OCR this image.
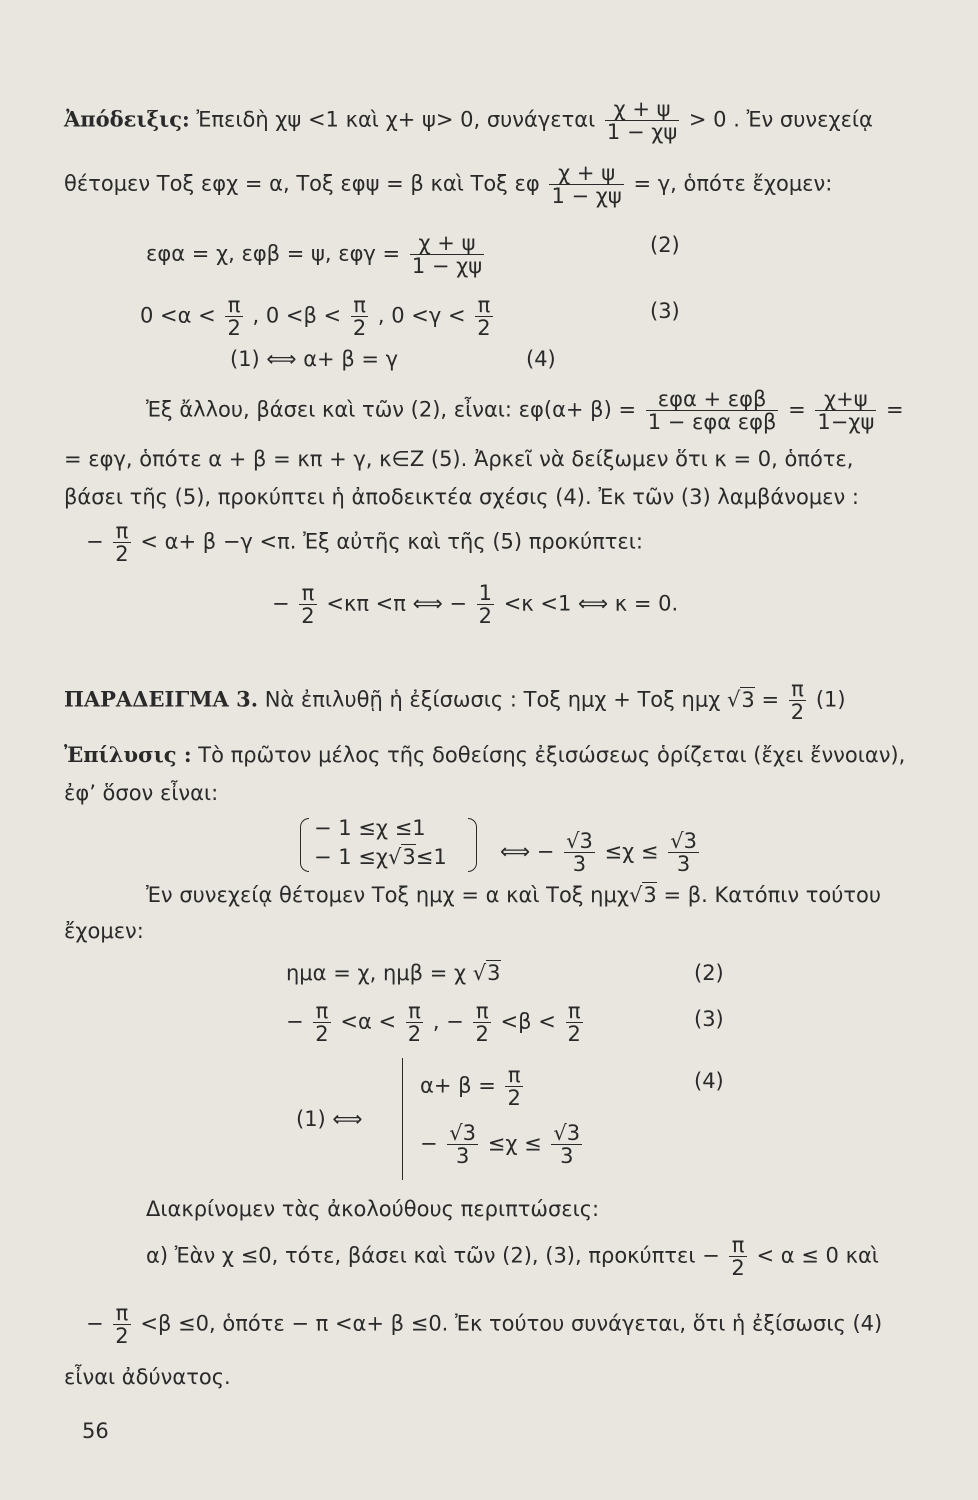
Ἀπόδειξις: Ἐπειδὴ χψ <1 καὶ χ+ ψ> 0, συνάγεται $\frac{\chi + \psi}{1 - \chi\psi} > 0$ . Ἐν συνεχείᾳ
θέτομεν Τοξ εφχ = α, Τοξ εφψ = β καὶ Τοξ εφ $\frac{\chi + \psi}{1 - \chi\psi} = \gamma$, ὁπότε ἔχομεν:
εφα = χ, εφβ = ψ, $\varepsilon\varphi\gamma = \frac{\chi + \psi}{1 - \chi\psi}$	(2)
$0 <\alpha < \frac{\pi}{2}$ , $0 <\beta < \frac{\pi}{2}$ , $0 <\gamma < \frac{\pi}{2}$	(3)
(1) ⟺ α+ β = γ	(4)
Ἐξ ἄλλου, βάσει καὶ τῶν (2), εἶναι: $\varepsilon\varphi(\alpha+ \beta) = \frac{\text{εφα + εφβ}}{\text{1 − εφα εφβ}} = \frac{\chi+\psi}{1-\chi\psi}$ =
= εφγ, ὁπότε α + β = κπ + γ, κ∈Z (5). Ἀρκεῖ νὰ δείξωμεν ὅτι κ = 0, ὁπότε,
βάσει τῆς (5), προκύπτει ἡ ἀποδεικτέα σχέσις (4). Ἐκ τῶν (3) λαμβάνομεν :
− $\frac{\pi}{2} < \alpha+ \beta -\gamma <\pi$. Ἐξ αὐτῆς καὶ τῆς (5) προκύπτει:
− $\frac{\pi}{2} <\kappa\pi <\pi$ ⟺ − $\frac{1}{2} <\kappa <1$ ⟺ κ = 0.
ΠΑΡΑΔΕΙΓΜΑ 3. Νὰ ἐπιλυθῇ ἡ ἐξίσωσις : Τοξ ημχ + Τοξ ημχ $√3 = \frac{\pi}{2} (1)$
Ἐπίλυσις : Τὸ πρῶτον μέλος τῆς δοθείσης ἐξισώσεως ὁρίζεται (ἔχει ἔννοιαν),
ἐφ’ ὅσον εἶναι:
− 1 ≤χ ≤1
− 1 ≤χ√3≤1	⟺ − $\frac{√3}{3} \le\chi \le \frac{√3}{3}$
Ἐν συνεχείᾳ θέτομεν Τοξ ημχ = α καὶ Τοξ ημχ√3 = β. Κατόπιν τούτου
ἔχομεν:
ημα = χ, ημβ = χ √3	(2)
− $\frac{\pi}{2} <\alpha < \frac{\pi}{2}$ , − $\frac{\pi}{2} <\beta < \frac{\pi}{2}$	(3)
(1) ⟺
$\alpha+ \beta = \frac{\pi}{2}$	(4)
− $\frac{√3}{3} \le\chi \le \frac{√3}{3}$
Διακρίνομεν τὰς ἀκολούθους περιπτώσεις:
α) Ἐὰν χ ≤0, τότε, βάσει καὶ τῶν (2), (3), $\pi\rho o\kappa ύ\pi\tau\varepsilon\iota - \frac{\pi}{2} < \alpha \le 0$ καὶ
− $\frac{\pi}{2} <\beta \le 0$, ὁπότε − π <α+ β ≤0. Ἐκ τούτου συνάγεται, ὅτι ἡ ἐξίσωσις (4)
εἶναι ἀδύνατος.
56
